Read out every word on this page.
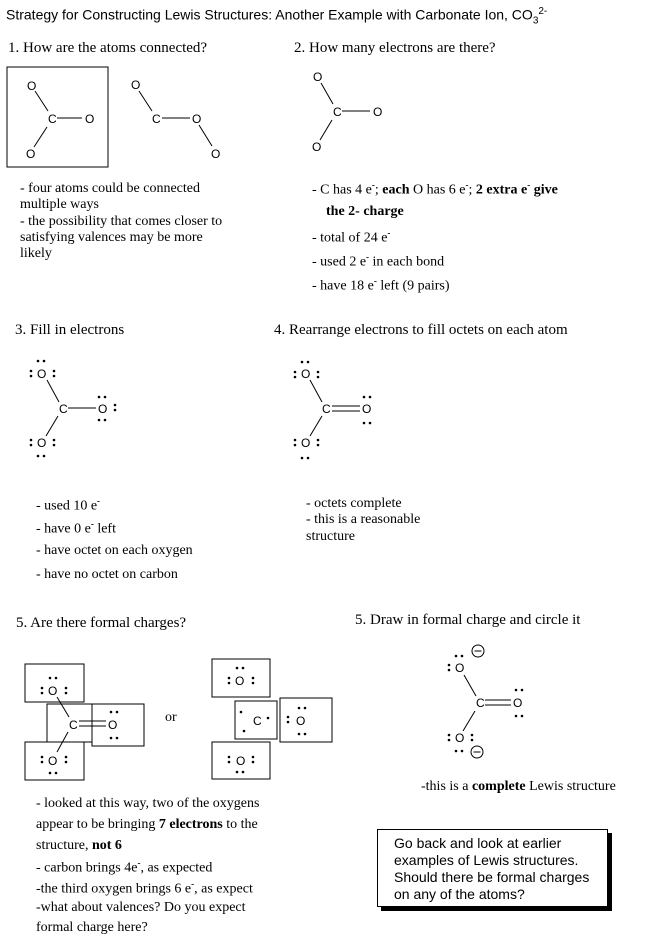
Strategy for Constructing Lewis Structures: Another Example with Carbonate Ion, $CO_3^{2-}$
1. How are the atoms connected?
- four atoms could be connected
multiple ways
- the possibility that comes closer to
satisfying valences may be more
likely
2. How many electrons are there?
- C has 4 e-; each O has 6 e-; 2 extra e- give
the 2- charge
- total of 24 e-
- used 2 e- in each bond
- have 18 e- left (9 pairs)
3. Fill in electrons
- used 10 e-
- have 0 e- left
- have octet on each oxygen
- have no octet on carbon
4. Rearrange electrons to fill octets on each atom
- octets complete
- this is a reasonable
structure
5. Are there formal charges?
or
- looked at this way, two of the oxygens
appear to be bringing 7 electrons to the
structure, not 6
- carbon brings 4e-, as expected
-the third oxygen brings 6 e-, as expect
-what about valences? Do you expect
formal charge here?
5. Draw in formal charge and circle it
-this is a complete Lewis structure
Go back and look at earlier
examples of Lewis structures.
Should there be formal charges
on any of the atoms?
O
C O
O
O
C	O
O
O
C	O
O
O
C	O
O
O
C	O
O
O
C	O
O
O
C	O
O
O
C O
O
